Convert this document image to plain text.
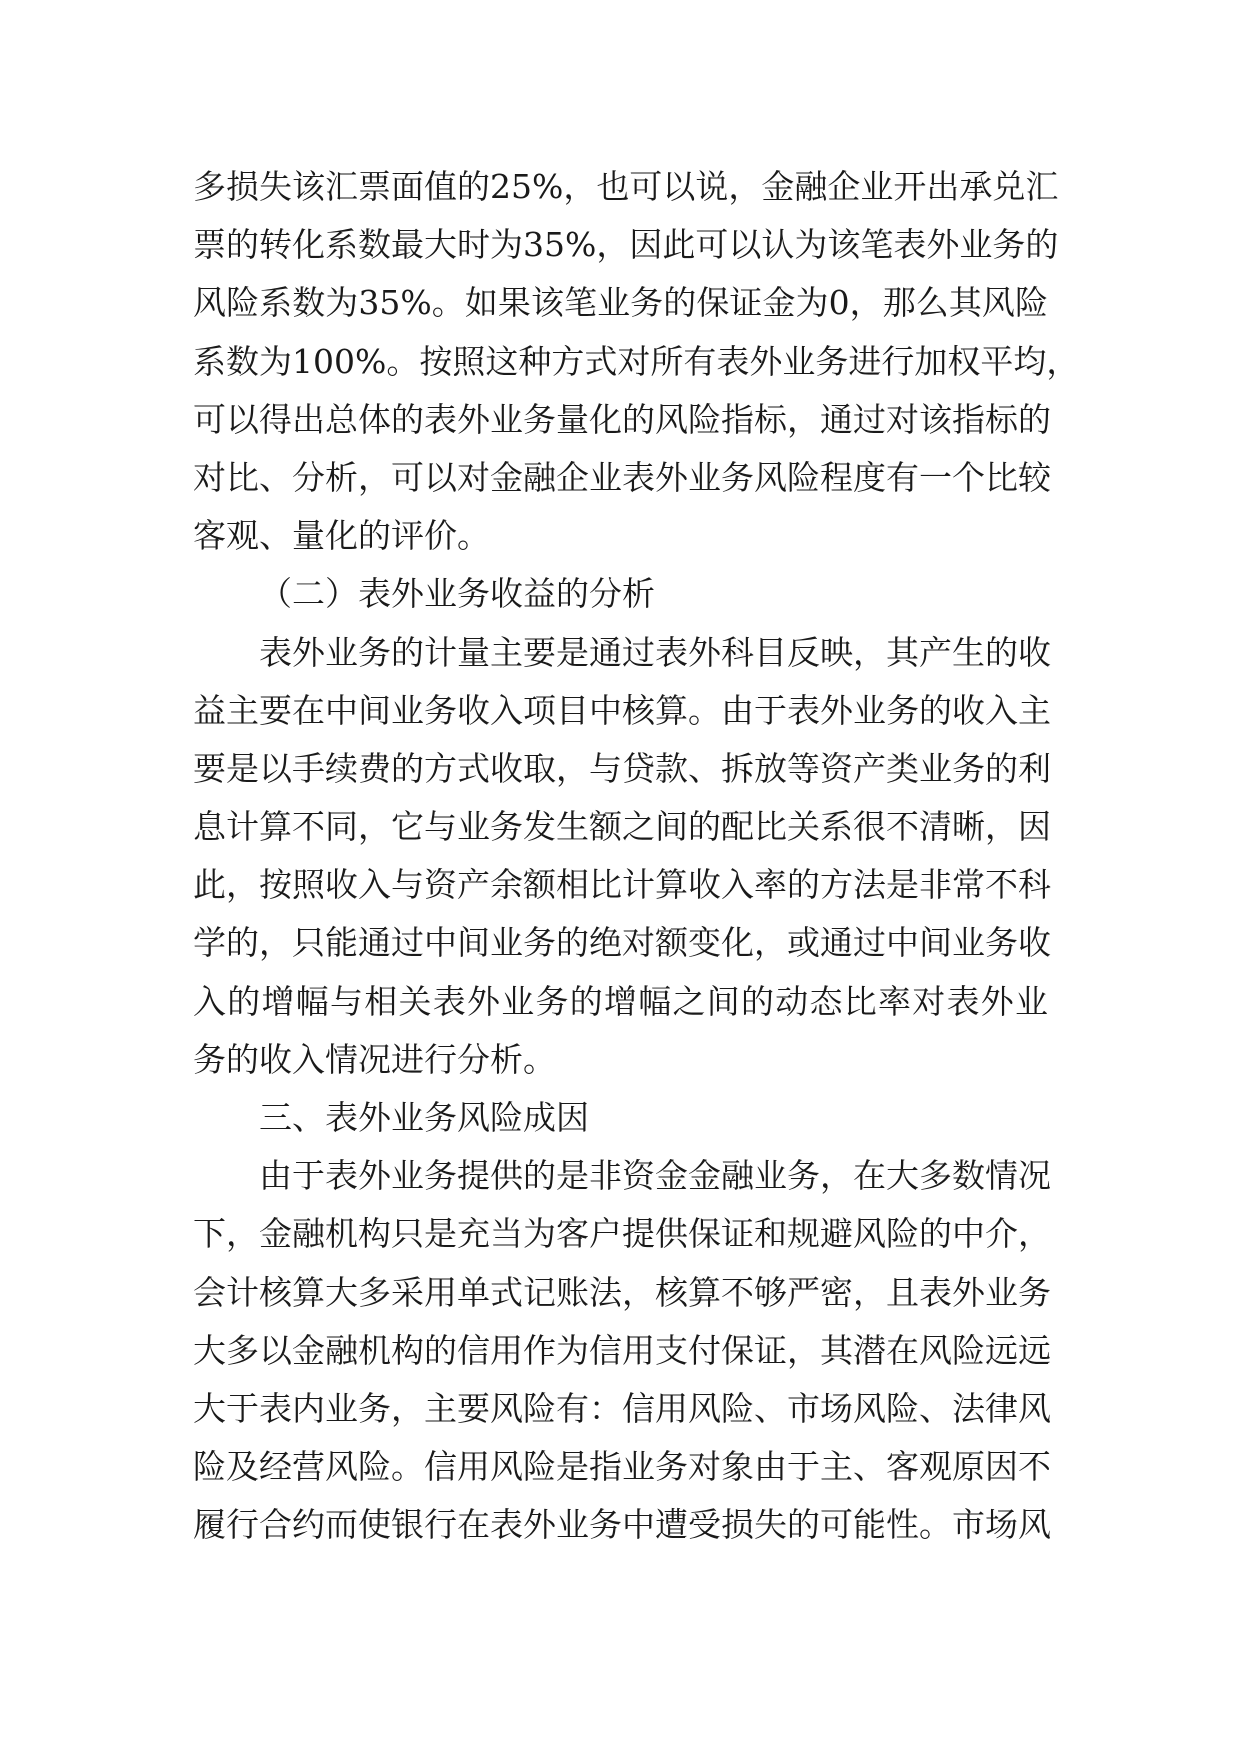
多损失该汇票面值的25%，也可以说，金融企业开出承兑汇
票的转化系数最大时为35%，因此可以认为该笔表外业务的
风险系数为35%。如果该笔业务的保证金为0，那么其风险
系数为100%。按照这种方式对所有表外业务进行加权平均，
可以得出总体的表外业务量化的风险指标，通过对该指标的
对比、分析，可以对金融企业表外业务风险程度有一个比较
客观、量化的评价。
（二）表外业务收益的分析
表外业务的计量主要是通过表外科目反映，其产生的收
益主要在中间业务收入项目中核算。由于表外业务的收入主
要是以手续费的方式收取，与贷款、拆放等资产类业务的利
息计算不同，它与业务发生额之间的配比关系很不清晰，因
此，按照收入与资产余额相比计算收入率的方法是非常不科
学的，只能通过中间业务的绝对额变化，或通过中间业务收
入的增幅与相关表外业务的增幅之间的动态比率对表外业
务的收入情况进行分析。
三、表外业务风险成因
由于表外业务提供的是非资金金融业务，在大多数情况
下，金融机构只是充当为客户提供保证和规避风险的中介，
会计核算大多采用单式记账法，核算不够严密，且表外业务
大多以金融机构的信用作为信用支付保证，其潜在风险远远
大于表内业务，主要风险有：信用风险、市场风险、法律风
险及经营风险。信用风险是指业务对象由于主、客观原因不
履行合约而使银行在表外业务中遭受损失的可能性。市场风
